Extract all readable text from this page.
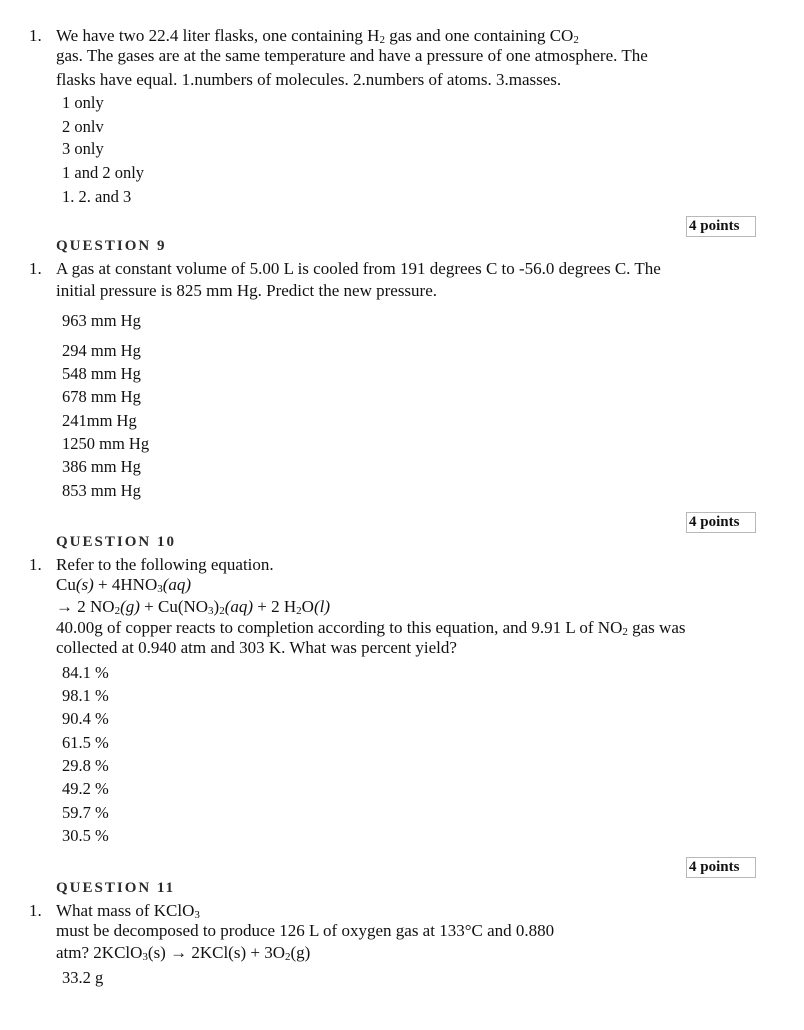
1. We have two 22.4 liter flasks, one containing $H_2$ gas and one containing $CO_2$
gas. The gases are at the same temperature and have a pressure of one atmosphere. The
flasks have equal. 1.numbers of molecules. 2.numbers of atoms. 3.masses.
1 only
2 onlv
3 only
1 and 2 only
1. 2. and 3
4 points
QUESTION 9
1. A gas at constant volume of 5.00 L is cooled from 191 degrees C to -56.0 degrees C. The
initial pressure is 825 mm Hg. Predict the new pressure.
963 mm Hg
294 mm Hg
548 mm Hg
678 mm Hg
241mm Hg
1250 mm Hg
386 mm Hg
853 mm Hg
4 points
QUESTION 10
1. Refer to the following equation.
$Cu(s) + 4HNO_3(aq)$
→ 2 $NO_2(g) + Cu(NO_3)_2(aq) + 2$ $H_2O(l)$
40.00g of copper reacts to completion according to this equation, and 9.91 L of $NO_2$ gas was
collected at 0.940 atm and 303 K. What was percent yield?
84.1 %
98.1 %
90.4 %
61.5 %
29.8 %
49.2 %
59.7 %
30.5 %
4 points
QUESTION 11
1. What mass of KClO$_3$
must be decomposed to produce 126 L of oxygen gas at 133°C and 0.880
atm? 2KClO$_3$(s) → $2KCl(s) + 3O_2(g)$
33.2 g
